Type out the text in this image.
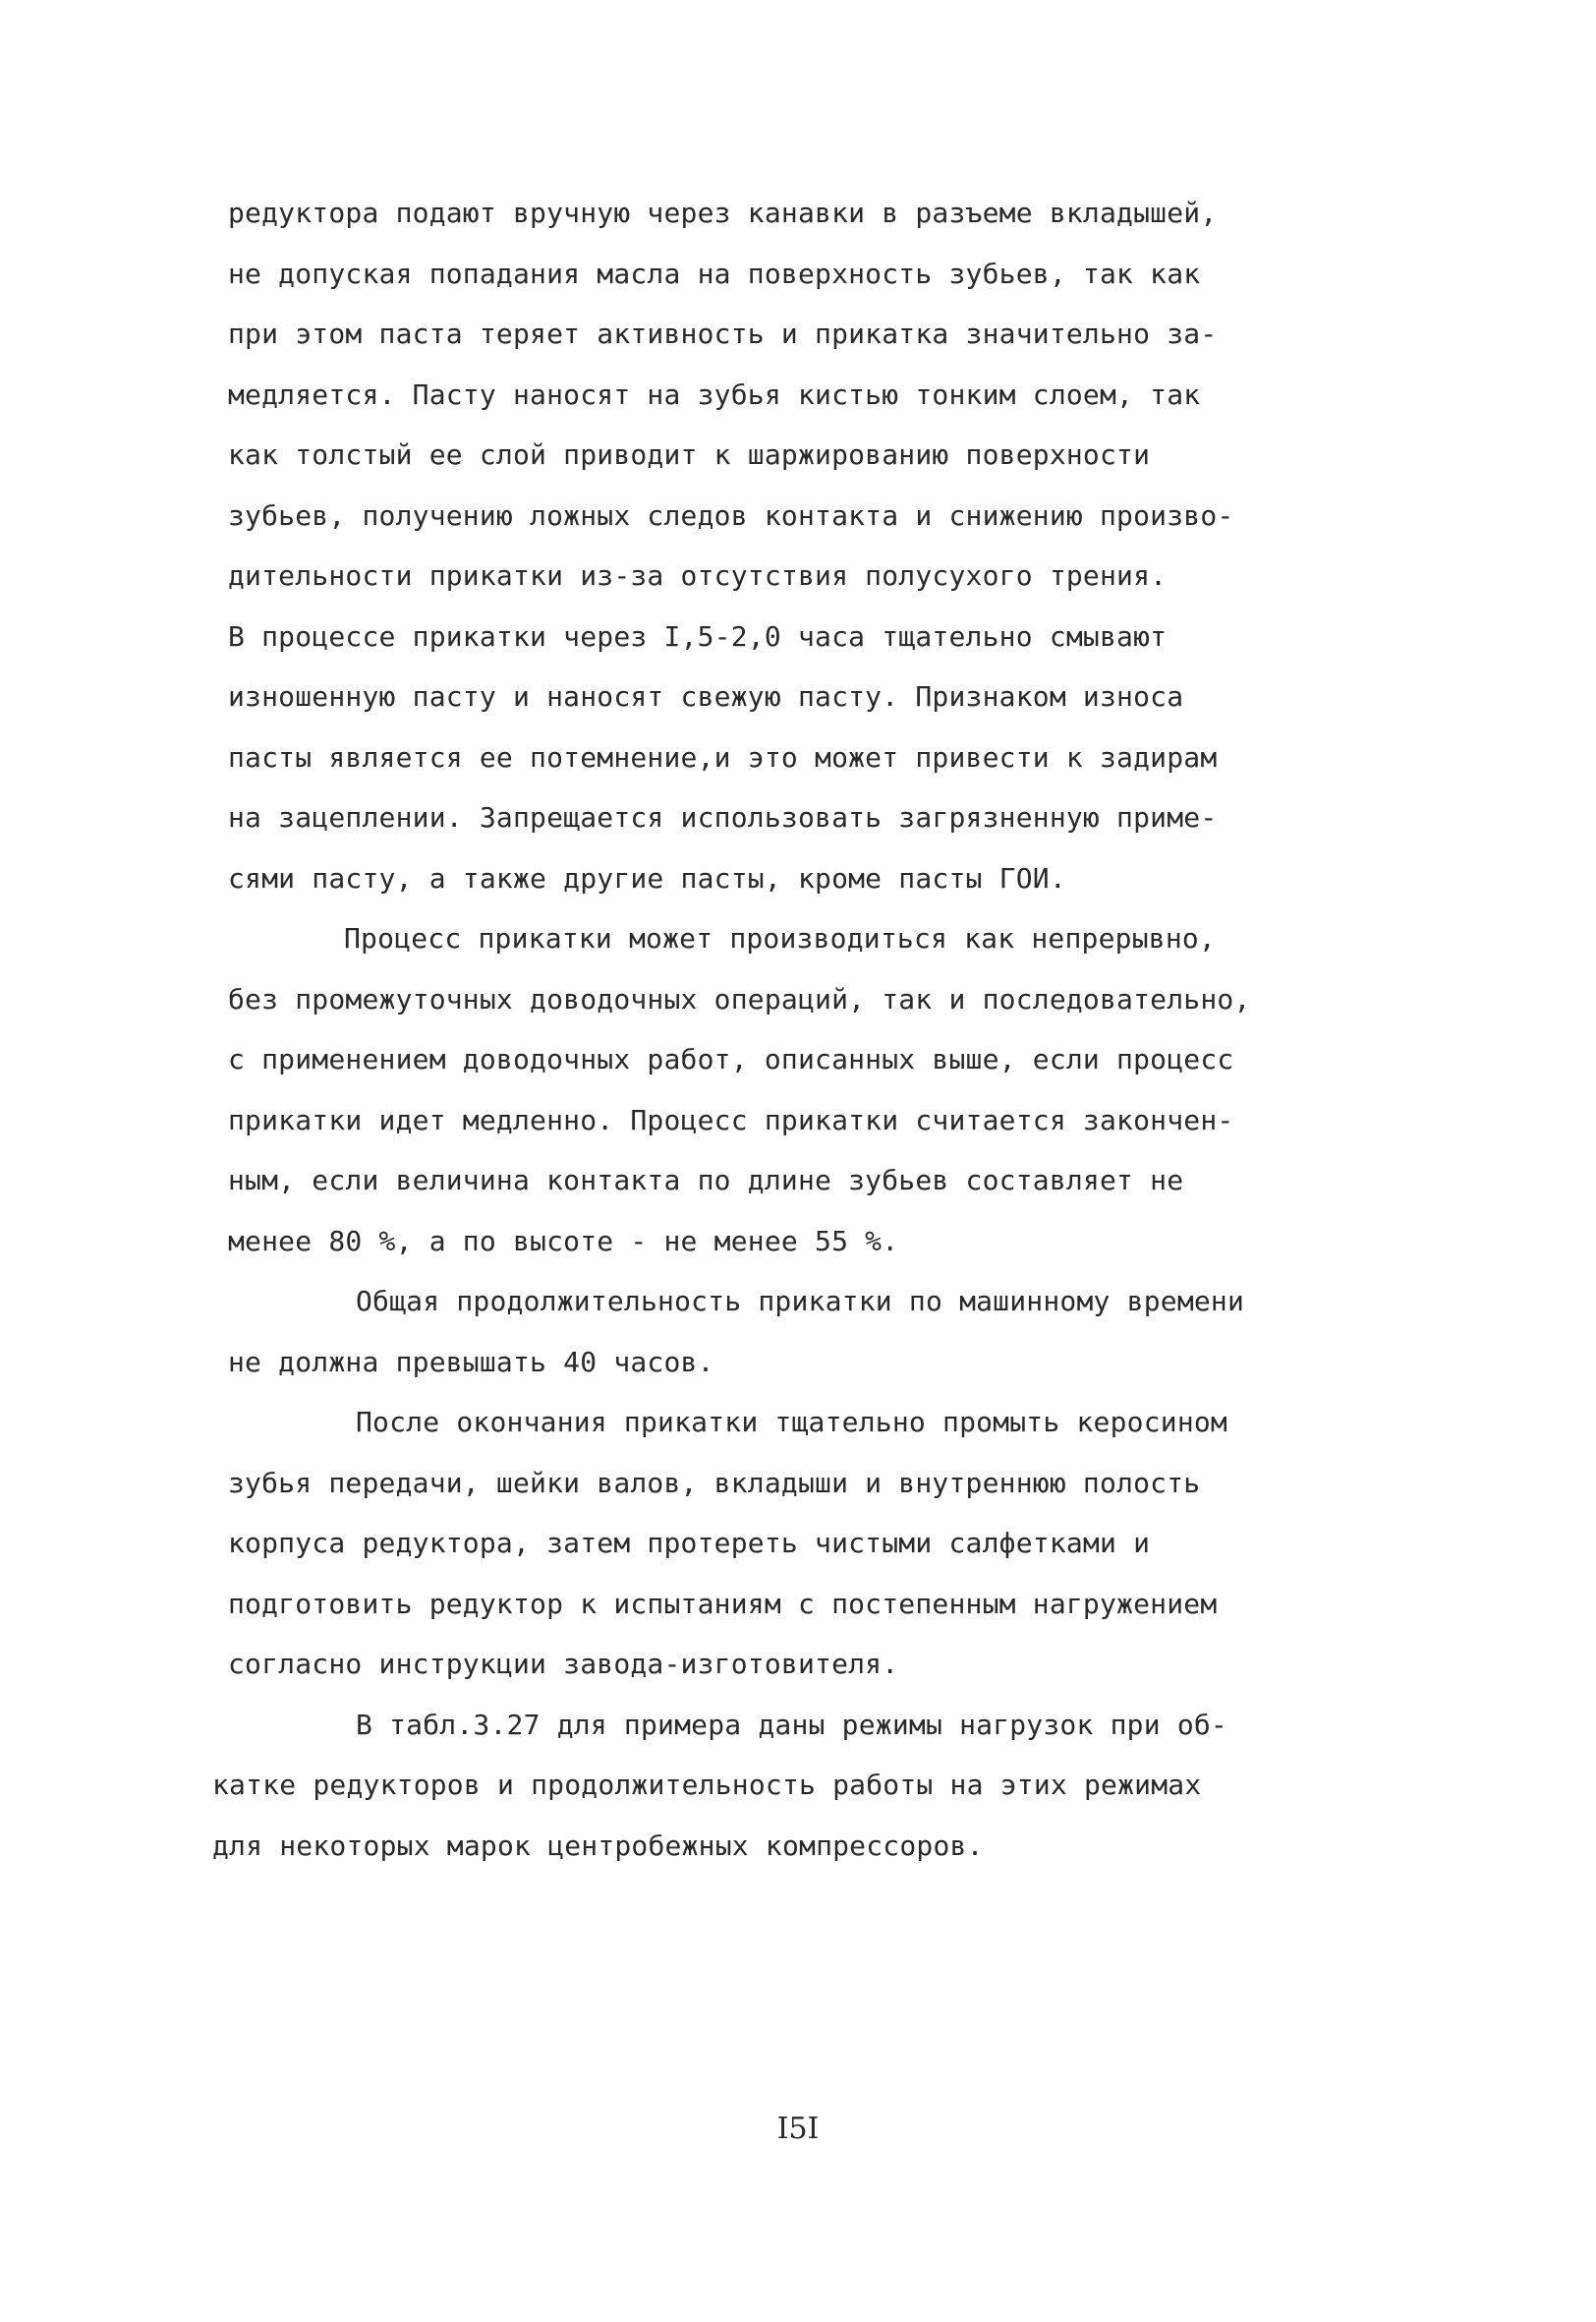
редуктора подают вручную через канавки в разъеме вкладышей,
не допуская попадания масла на поверхность зубьев, так как
при этом паста теряет активность и прикатка значительно за-
медляется. Пасту наносят на зубья кистью тонким слоем, так
как толстый ее слой приводит к шаржированию поверхности
зубьев, получению ложных следов контакта и снижению произво-
дительности прикатки из-за отсутствия полусухого трения.
В процессе прикатки через I,5-2,0 часа тщательно смывают
изношенную пасту и наносят свежую пасту. Признаком износа
пасты является ее потемнение,и это может привести к задирам
на зацеплении. Запрещается использовать загрязненную приме-
сями пасту, а также другие пасты, кроме пасты ГОИ.
Процесс прикатки может производиться как непрерывно,
без промежуточных доводочных операций, так и последовательно,
с применением доводочных работ, описанных выше, если процесс
прикатки идет медленно. Процесс прикатки считается закончен-
ным, если величина контакта по длине зубьев составляет не
менее 80 %, а по высоте - не менее 55 %.
Общая продолжительность прикатки по машинному времени
не должна превышать 40 часов.
После окончания прикатки тщательно промыть керосином
зубья передачи, шейки валов, вкладыши и внутреннюю полость
корпуса редуктора, затем протереть чистыми салфетками и
подготовить редуктор к испытаниям с постепенным нагружением
согласно инструкции завода-изготовителя.
В табл.3.27 для примера даны режимы нагрузок при об-
катке редукторов и продолжительность работы на этих режимах
для некоторых марок центробежных компрессоров.
I5I
